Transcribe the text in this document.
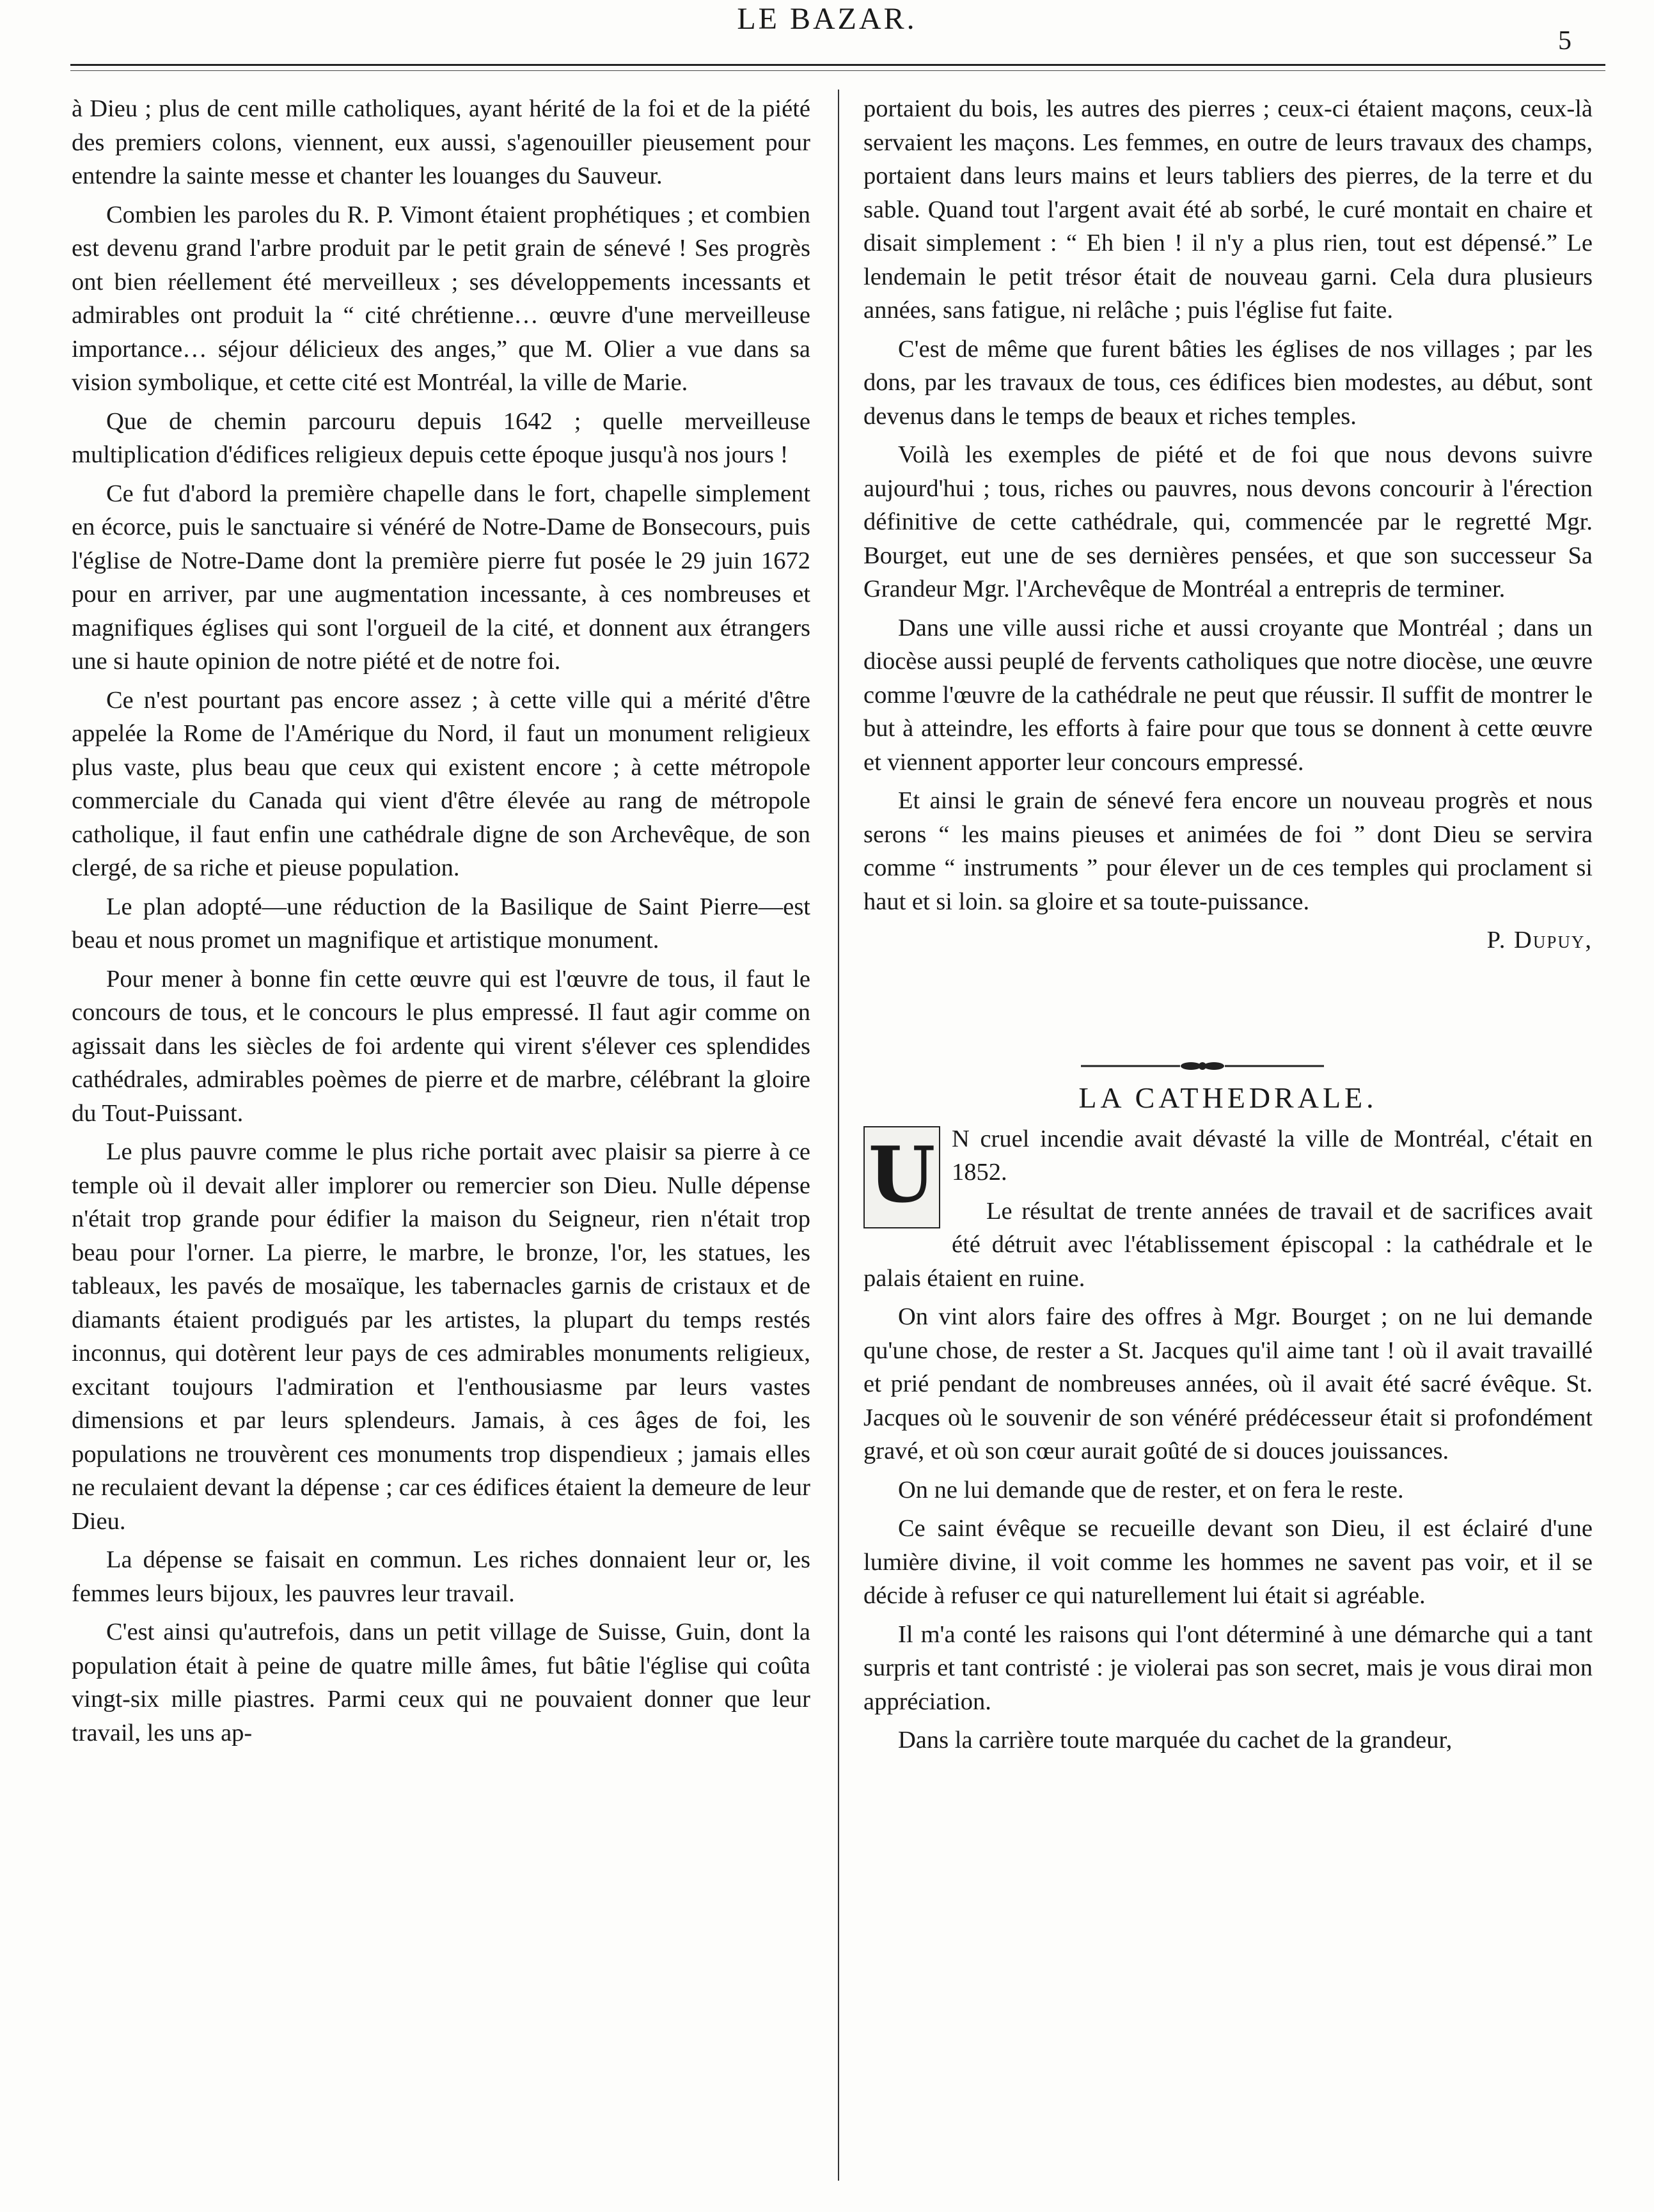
LE BAZAR.
5

à Dieu ; plus de cent mille catholiques, ayant hérité de la foi et de la piété des premiers colons, viennent, eux aussi, s'agenouiller pieusement pour entendre la sainte messe et chanter les louanges du Sauveur.

Combien les paroles du R. P. Vimont étaient prophétiques ; et combien est devenu grand l'arbre produit par le petit grain de sénevé ! Ses progrès ont bien réellement été merveilleux ; ses développements incessants et admirables ont produit la “ cité chrétienne… œuvre d'une merveilleuse importance… séjour délicieux des anges,” que M. Olier a vue dans sa vision symbolique, et cette cité est Montréal, la ville de Marie.

Que de chemin parcouru depuis 1642 ; quelle merveilleuse multiplication d'édifices religieux depuis cette époque jusqu'à nos jours !

Ce fut d'abord la première chapelle dans le fort, chapelle simplement en écorce, puis le sanctuaire si vénéré de Notre-Dame de Bonsecours, puis l'église de Notre-Dame dont la première pierre fut posée le 29 juin 1672 pour en arriver, par une augmentation incessante, à ces nombreuses et magnifiques églises qui sont l'orgueil de la cité, et donnent aux étrangers une si haute opinion de notre piété et de notre foi.

Ce n'est pourtant pas encore assez ; à cette ville qui a mérité d'être appelée la Rome de l'Amérique du Nord, il faut un monument religieux plus vaste, plus beau que ceux qui existent encore ; à cette métropole commerciale du Canada qui vient d'être élevée au rang de métropole catholique, il faut enfin une cathédrale digne de son Archevêque, de son clergé, de sa riche et pieuse population.

Le plan adopté—une réduction de la Basilique de Saint Pierre—est beau et nous promet un magnifique et artistique monument.

Pour mener à bonne fin cette œuvre qui est l'œuvre de tous, il faut le concours de tous, et le concours le plus empressé. Il faut agir comme on agissait dans les siècles de foi ardente qui virent s'élever ces splendides cathédrales, admirables poèmes de pierre et de marbre, célébrant la gloire du Tout-Puissant.

Le plus pauvre comme le plus riche portait avec plaisir sa pierre à ce temple où il devait aller implorer ou remercier son Dieu. Nulle dépense n'était trop grande pour édifier la maison du Seigneur, rien n'était trop beau pour l'orner. La pierre, le marbre, le bronze, l'or, les statues, les tableaux, les pavés de mosaïque, les tabernacles garnis de cristaux et de diamants étaient prodigués par les artistes, la plupart du temps restés inconnus, qui dotèrent leur pays de ces admirables monuments religieux, excitant toujours l'admiration et l'enthousiasme par leurs vastes dimensions et par leurs splendeurs. Jamais, à ces âges de foi, les populations ne trouvèrent ces monuments trop dispendieux ; jamais elles ne reculaient devant la dépense ; car ces édifices étaient la demeure de leur Dieu.

La dépense se faisait en commun. Les riches donnaient leur or, les femmes leurs bijoux, les pauvres leur travail.

C'est ainsi qu'autrefois, dans un petit village de Suisse, Guin, dont la population était à peine de quatre mille âmes, fut bâtie l'église qui coûta vingt-six mille piastres. Parmi ceux qui ne pouvaient donner que leur travail, les uns ap-

portaient du bois, les autres des pierres ; ceux-ci étaient maçons, ceux-là servaient les maçons. Les femmes, en outre de leurs travaux des champs, portaient dans leurs mains et leurs tabliers des pierres, de la terre et du sable. Quand tout l'argent avait été ab sorbé, le curé montait en chaire et disait simplement : “ Eh bien ! il n'y a plus rien, tout est dépensé.” Le lendemain le petit trésor était de nouveau garni. Cela dura plusieurs années, sans fatigue, ni relâche ; puis l'église fut faite.

C'est de même que furent bâties les églises de nos villages ; par les dons, par les travaux de tous, ces édifices bien modestes, au début, sont devenus dans le temps de beaux et riches temples.

Voilà les exemples de piété et de foi que nous devons suivre aujourd'hui ; tous, riches ou pauvres, nous devons concourir à l'érection définitive de cette cathédrale, qui, commencée par le regretté Mgr. Bourget, eut une de ses dernières pensées, et que son successeur Sa Grandeur Mgr. l'Archevêque de Montréal a entrepris de terminer.

Dans une ville aussi riche et aussi croyante que Montréal ; dans un diocèse aussi peuplé de fervents catholiques que notre diocèse, une œuvre comme l'œuvre de la cathédrale ne peut que réussir. Il suffit de montrer le but à atteindre, les efforts à faire pour que tous se donnent à cette œuvre et viennent apporter leur concours empressé.

Et ainsi le grain de sénevé fera encore un nouveau progrès et nous serons “ les mains pieuses et animées de foi ” dont Dieu se servira comme “ instruments ” pour élever un de ces temples qui proclament si haut et si loin. sa gloire et sa toute-puissance.

P. Dupuy,

LA CATHEDRALE.

U N cruel incendie avait dévasté la ville de Montréal, c'était en 1852.

Le résultat de trente années de travail et de sacrifices avait été détruit avec l'établissement épiscopal : la cathédrale et le palais étaient en ruine.

On vint alors faire des offres à Mgr. Bourget ; on ne lui demande qu'une chose, de rester a St. Jacques qu'il aime tant ! où il avait travaillé et prié pendant de nombreuses années, où il avait été sacré évêque. St. Jacques où le souvenir de son vénéré prédécesseur était si profondément gravé, et où son cœur aurait goûté de si douces jouissances.

On ne lui demande que de rester, et on fera le reste.

Ce saint évêque se recueille devant son Dieu, il est éclairé d'une lumière divine, il voit comme les hommes ne savent pas voir, et il se décide à refuser ce qui naturellement lui était si agréable.

Il m'a conté les raisons qui l'ont déterminé à une démarche qui a tant surpris et tant contristé : je violerai pas son secret, mais je vous dirai mon appréciation.

Dans la carrière toute marquée du cachet de la grandeur,
